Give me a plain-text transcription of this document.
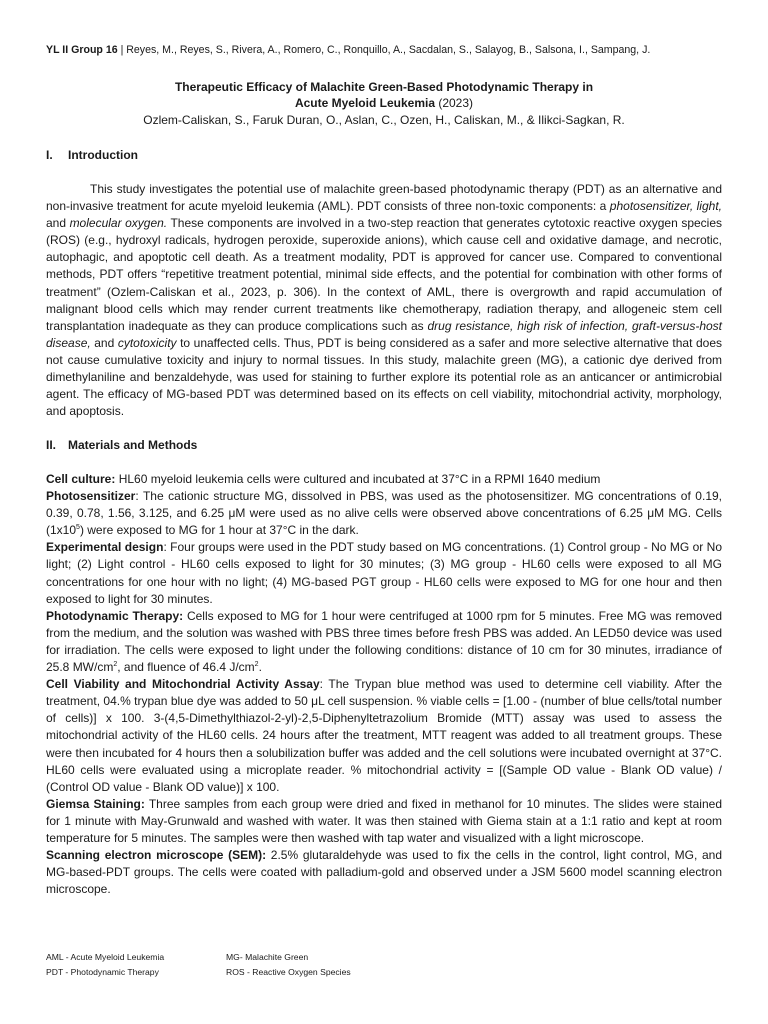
YL II Group 16 | Reyes, M., Reyes, S., Rivera, A., Romero, C., Ronquillo, A., Sacdalan, S., Salayog, B., Salsona, I., Sampang, J.
Therapeutic Efficacy of Malachite Green-Based Photodynamic Therapy in
Acute Myeloid Leukemia (2023)
Ozlem-Caliskan, S., Faruk Duran, O., Aslan, C., Ozen, H., Caliskan, M., & Ilikci-Sagkan, R.
I. Introduction

This study investigates the potential use of malachite green-based photodynamic therapy (PDT) as an alternative and non-invasive treatment for acute myeloid leukemia (AML). PDT consists of three non-toxic components: a photosensitizer, light, and molecular oxygen. These components are involved in a two-step reaction that generates cytotoxic reactive oxygen species (ROS) (e.g., hydroxyl radicals, hydrogen peroxide, superoxide anions), which cause cell and oxidative damage, and necrotic, autophagic, and apoptotic cell death. As a treatment modality, PDT is approved for cancer use. Compared to conventional methods, PDT offers “repetitive treatment potential, minimal side effects, and the potential for combination with other forms of treatment” (Ozlem-Caliskan et al., 2023, p. 306). In the context of AML, there is overgrowth and rapid accumulation of malignant blood cells which may render current treatments like chemotherapy, radiation therapy, and allogeneic stem cell transplantation inadequate as they can produce complications such as drug resistance, high risk of infection, graft-versus-host disease, and cytotoxicity to unaffected cells. Thus, PDT is being considered as a safer and more selective alternative that does not cause cumulative toxicity and injury to normal tissues. In this study, malachite green (MG), a cationic dye derived from dimethylaniline and benzaldehyde, was used for staining to further explore its potential role as an anticancer or antimicrobial agent. The efficacy of MG-based PDT was determined based on its effects on cell viability, mitochondrial activity, morphology, and apoptosis.

II. Materials and Methods

Cell culture: HL60 myeloid leukemia cells were cultured and incubated at 37°C in a RPMI 1640 medium

Photosensitizer: The cationic structure MG, dissolved in PBS, was used as the photosensitizer. MG concentrations of 0.19, 0.39, 0.78, 1.56, 3.125, and 6.25 μM were used as no alive cells were observed above concentrations of 6.25 μM MG. Cells $(1x10^5)$ were exposed to MG for 1 hour at 37°C in the dark.

Experimental design: Four groups were used in the PDT study based on MG concentrations. (1) Control group - No MG or No light; (2) Light control - HL60 cells exposed to light for 30 minutes; (3) MG group - HL60 cells were exposed to all MG concentrations for one hour with no light; (4) MG-based PGT group - HL60 cells were exposed to MG for one hour and then exposed to light for 30 minutes.

Photodynamic Therapy: Cells exposed to MG for 1 hour were centrifuged at 1000 rpm for 5 minutes. Free MG was removed from the medium, and the solution was washed with PBS three times before fresh PBS was added. An LED50 device was used for irradiation. The cells were exposed to light under the following conditions: distance of 10 cm for 30 minutes, irradiance of 25.8 $MW/cm^2$, and fluence of 46.4 $J/cm^2$.

Cell Viability and Mitochondrial Activity Assay: The Trypan blue method was used to determine cell viability. After the treatment, 04.% trypan blue dye was added to 50 μL cell suspension. % viable cells = [1.00 - (number of blue cells/total number of cells)] x 100. 3-(4,5-Dimethylthiazol-2-yl)-2,5-Diphenyltetrazolium Bromide (MTT) assay was used to assess the mitochondrial activity of the HL60 cells. 24 hours after the treatment, MTT reagent was added to all treatment groups. These were then incubated for 4 hours then a solubilization buffer was added and the cell solutions were incubated overnight at 37°C. HL60 cells were evaluated using a microplate reader. % mitochondrial activity = [(Sample OD value - Blank OD value) / (Control OD value - Blank OD value)] x 100.

Giemsa Staining: Three samples from each group were dried and fixed in methanol for 10 minutes. The slides were stained for 1 minute with May-Grunwald and washed with water. It was then stained with Giema stain at a 1:1 ratio and kept at room temperature for 5 minutes. The samples were then washed with tap water and visualized with a light microscope.

Scanning electron microscope (SEM): 2.5% glutaraldehyde was used to fix the cells in the control, light control, MG, and MG-based-PDT groups. The cells were coated with palladium-gold and observed under a JSM 5600 model scanning electron microscope.

AML - Acute Myeloid Leukemia
PDT - Photodynamic Therapy
MG- Malachite Green
ROS - Reactive Oxygen Species
